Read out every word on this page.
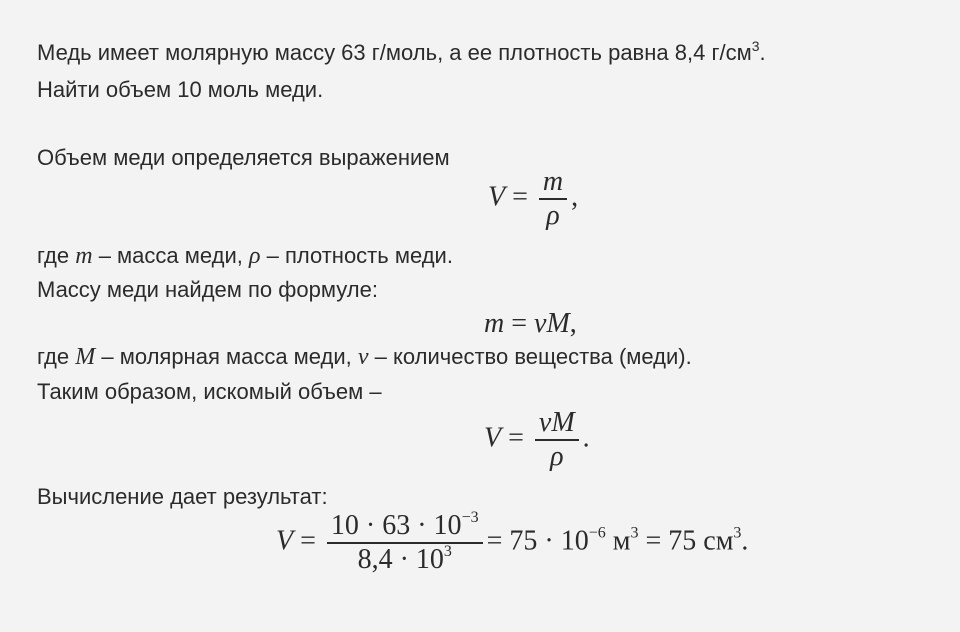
Медь имеет молярную массу 63 г/моль, а ее плотность равна 8,4 $г/см^3$.
Найти объем 10 моль меди.
Объем меди определяется выражением
$V = \frac{m}{\rho}$ ,
где m – масса меди, ρ – плотность меди.
Массу меди найдем по формуле:
m = νM,
где M – молярная масса меди, ν – количество вещества (меди).
Таким образом, искомый объем –
$V = \frac{\nu M}{\rho}$ .
Вычисление дает результат:
$V = \frac{10 \cdot 63 \cdot 10^{-3}}{8,4 \cdot 10^3} = 75 \cdot 10^{-6}$ $м^3 = 75$ $см^3$.
